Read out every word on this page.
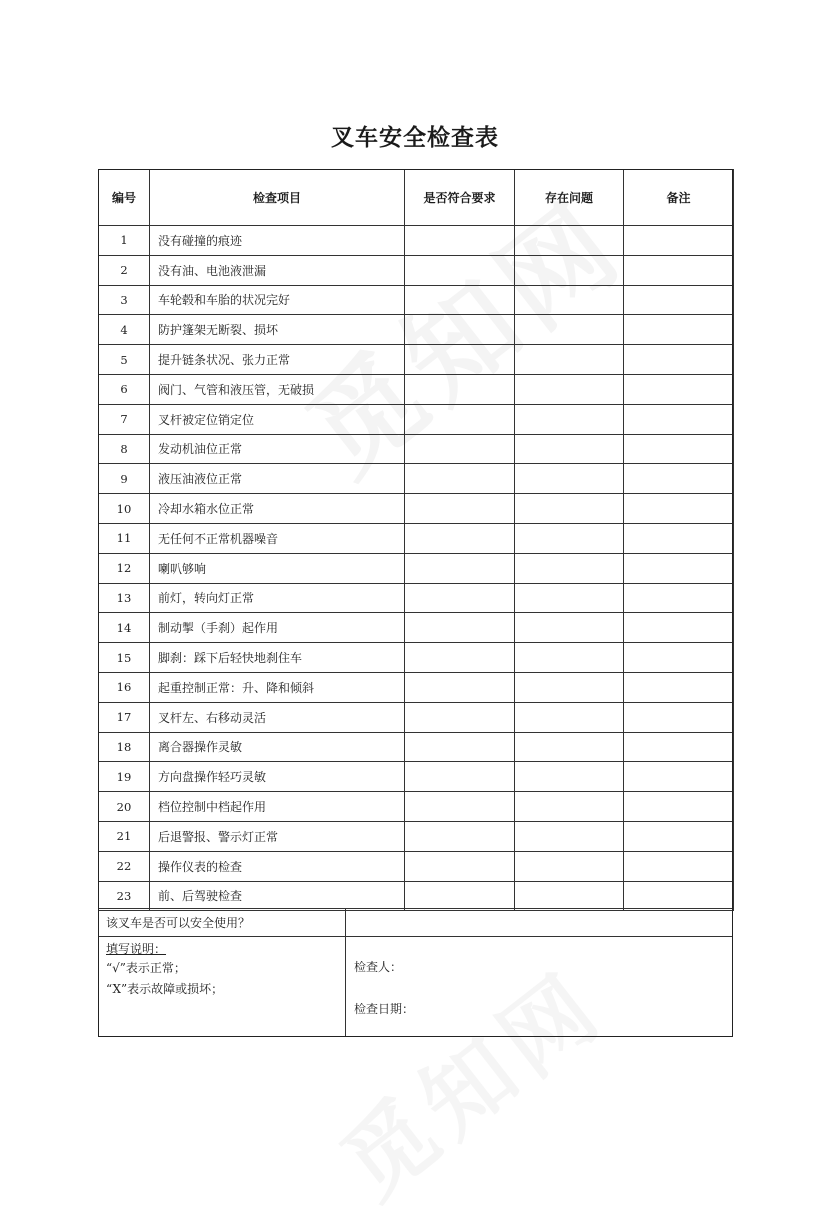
叉车安全检查表
编号	检查项目	是否符合要求	存在问题	备注
1	没有碰撞的痕迹			
2	没有油、电池液泄漏			
3	车轮毂和车胎的状况完好			
4	防护篷架无断裂、损坏			
5	提升链条状况、张力正常			
6	阀门、气管和液压管，无破损			
7	叉杆被定位销定位			
8	发动机油位正常			
9	液压油液位正常			
10	冷却水箱水位正常			
11	无任何不正常机器噪音			
12	喇叭够响			
13	前灯，转向灯正常			
14	制动掣（手刹）起作用			
15	脚刹：踩下后轻快地刹住车			
16	起重控制正常：升、降和倾斜			
17	叉杆左、右移动灵活			
18	离合器操作灵敏			
19	方向盘操作轻巧灵敏			
20	档位控制中档起作用			
21	后退警报、警示灯正常			
22	操作仪表的检查			
23	前、后驾驶检查			
该叉车是否可以安全使用？
填写说明：
“√”表示正常；
“X”表示故障或损坏；
检查人：
检查日期：
